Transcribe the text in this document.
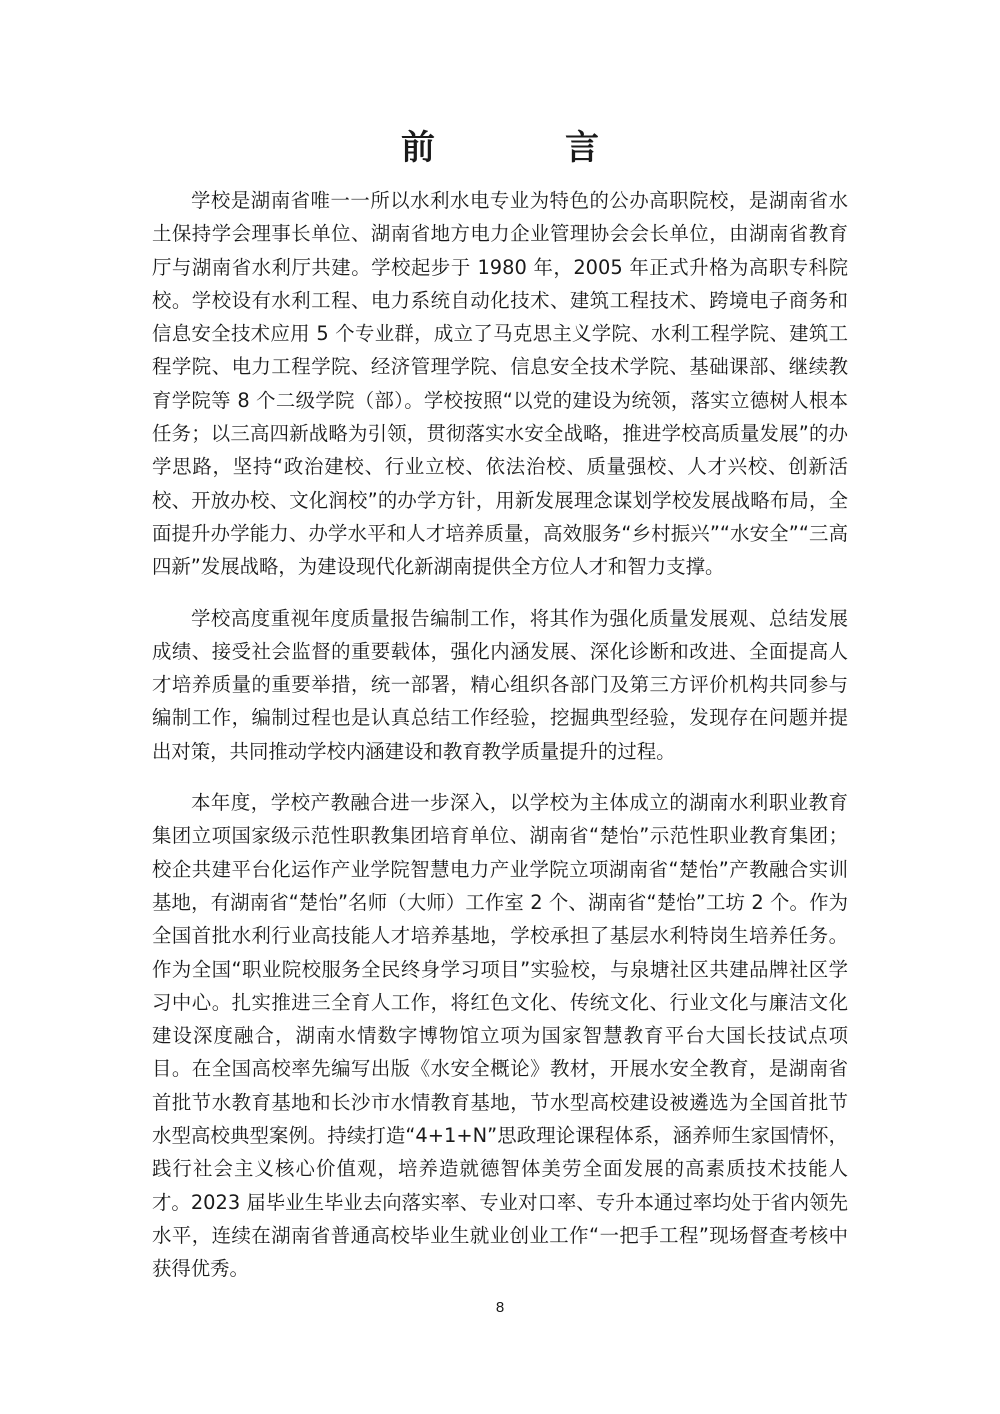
前　言

学校是湖南省唯一一所以水利水电专业为特色的公办高职院校，是湖南省水土保持学会理事长单位、湖南省地方电力企业管理协会会长单位，由湖南省教育厅与湖南省水利厅共建。学校起步于 1980 年，2005 年正式升格为高职专科院校。学校设有水利工程、电力系统自动化技术、建筑工程技术、跨境电子商务和信息安全技术应用 5 个专业群，成立了马克思主义学院、水利工程学院、建筑工程学院、电力工程学院、经济管理学院、信息安全技术学院、基础课部、继续教育学院等 8 个二级学院（部）。学校按照“以党的建设为统领，落实立德树人根本任务；以三高四新战略为引领，贯彻落实水安全战略，推进学校高质量发展”的办学思路，坚持“政治建校、行业立校、依法治校、质量强校、人才兴校、创新活校、开放办校、文化润校”的办学方针，用新发展理念谋划学校发展战略布局，全面提升办学能力、办学水平和人才培养质量，高效服务“乡村振兴”“水安全”“三高四新”发展战略，为建设现代化新湖南提供全方位人才和智力支撑。

学校高度重视年度质量报告编制工作，将其作为强化质量发展观、总结发展成绩、接受社会监督的重要载体，强化内涵发展、深化诊断和改进、全面提高人才培养质量的重要举措，统一部署，精心组织各部门及第三方评价机构共同参与编制工作，编制过程也是认真总结工作经验，挖掘典型经验，发现存在问题并提出对策，共同推动学校内涵建设和教育教学质量提升的过程。

本年度，学校产教融合进一步深入，以学校为主体成立的湖南水利职业教育集团立项国家级示范性职教集团培育单位、湖南省“楚怡”示范性职业教育集团；校企共建平台化运作产业学院智慧电力产业学院立项湖南省“楚怡”产教融合实训基地，有湖南省“楚怡”名师（大师）工作室 2 个、湖南省“楚怡”工坊 2 个。作为全国首批水利行业高技能人才培养基地，学校承担了基层水利特岗生培养任务。作为全国“职业院校服务全民终身学习项目”实验校，与泉塘社区共建品牌社区学习中心。扎实推进三全育人工作，将红色文化、传统文化、行业文化与廉洁文化建设深度融合，湖南水情数字博物馆立项为国家智慧教育平台大国长技试点项目。在全国高校率先编写出版《水安全概论》教材，开展水安全教育，是湖南省首批节水教育基地和长沙市水情教育基地，节水型高校建设被遴选为全国首批节水型高校典型案例。持续打造“4+1+N”思政理论课程体系，涵养师生家国情怀，践行社会主义核心价值观，培养造就德智体美劳全面发展的高素质技术技能人才。2023 届毕业生毕业去向落实率、专业对口率、专升本通过率均处于省内领先水平，连续在湖南省普通高校毕业生就业创业工作“一把手工程”现场督查考核中获得优秀。

8
